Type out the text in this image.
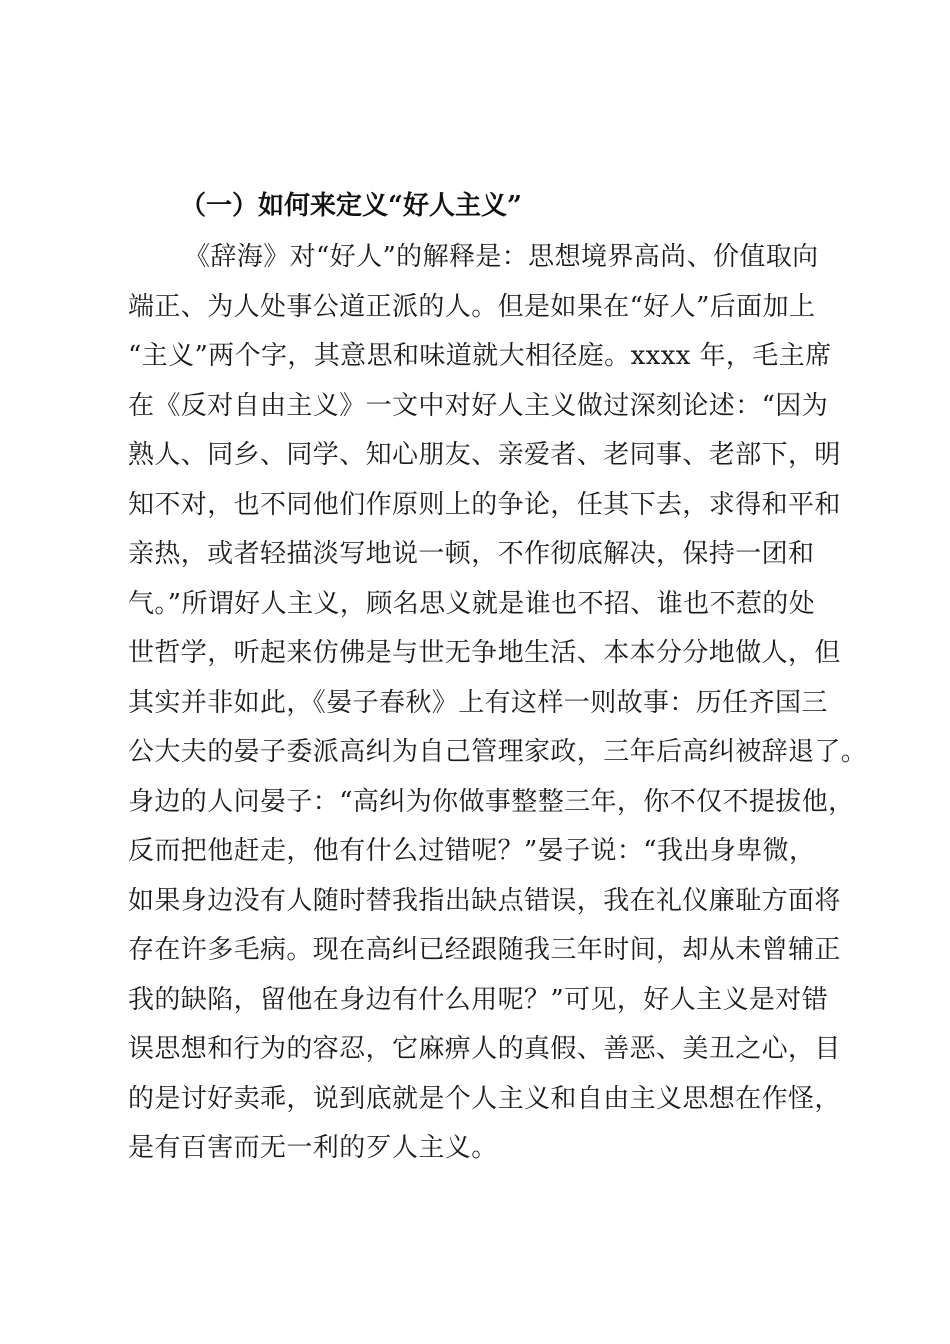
（一）如何来定义“好人主义”
《辞海》对“好人”的解释是：思想境界高尚、价值取向
端正、为人处事公道正派的人。但是如果在“好人”后面加上
“主义”两个字，其意思和味道就大相径庭。xxxx 年，毛主席
在《反对自由主义》一文中对好人主义做过深刻论述：“因为
熟人、同乡、同学、知心朋友、亲爱者、老同事、老部下，明
知不对，也不同他们作原则上的争论，任其下去，求得和平和
亲热，或者轻描淡写地说一顿，不作彻底解决，保持一团和
气。”所谓好人主义，顾名思义就是谁也不招、谁也不惹的处
世哲学，听起来仿佛是与世无争地生活、本本分分地做人，但
其实并非如此，《晏子春秋》上有这样一则故事：历任齐国三
公大夫的晏子委派高纠为自己管理家政，三年后高纠被辞退了。
身边的人问晏子：“高纠为你做事整整三年，你不仅不提拔他，
反而把他赶走，他有什么过错呢？”晏子说：“我出身卑微，
如果身边没有人随时替我指出缺点错误，我在礼仪廉耻方面将
存在许多毛病。现在高纠已经跟随我三年时间，却从未曾辅正
我的缺陷，留他在身边有什么用呢？”可见，好人主义是对错
误思想和行为的容忍，它麻痹人的真假、善恶、美丑之心，目
的是讨好卖乖，说到底就是个人主义和自由主义思想在作怪，
是有百害而无一利的歹人主义。
